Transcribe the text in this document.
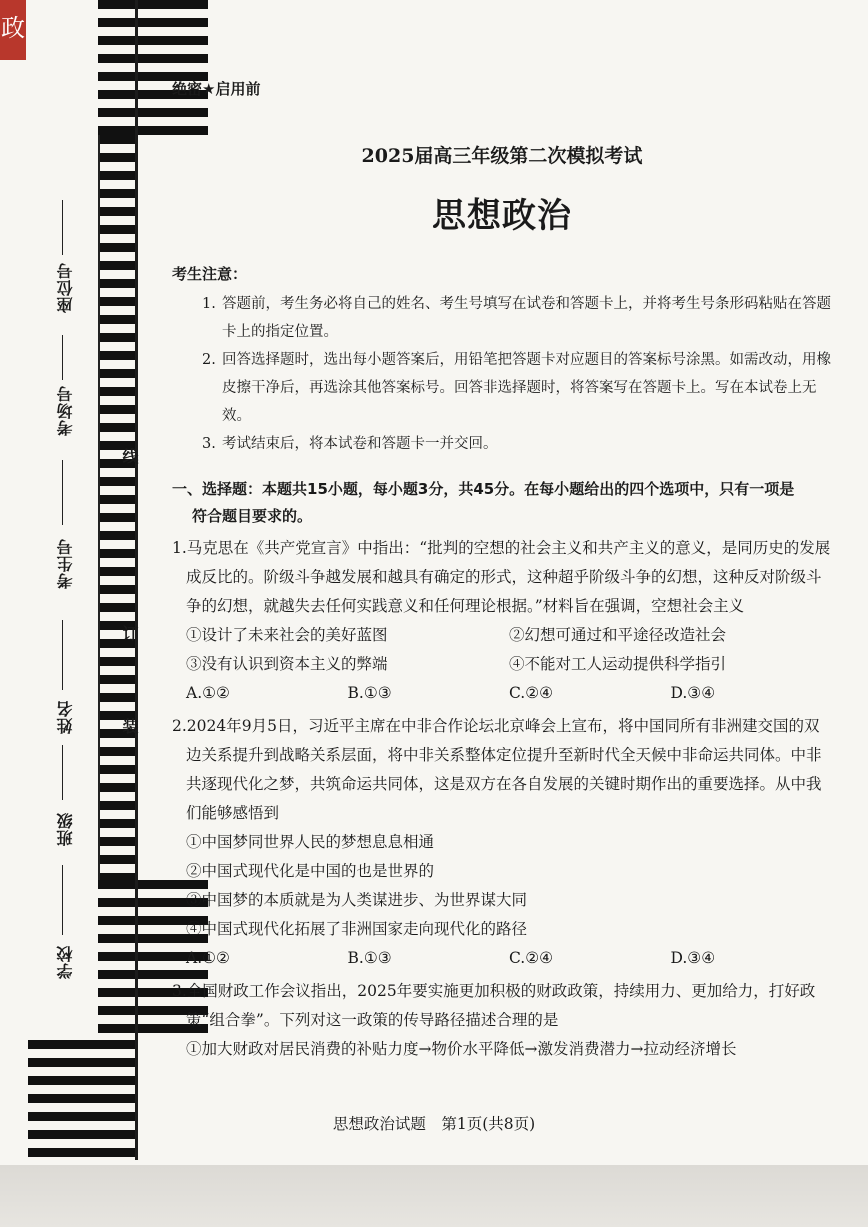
政
座位号
考场号
考生号
姓名
班级
学校
线
订
装
绝密★启用前
2025届高三年级第二次模拟考试
思想政治
考生注意：
1. 答题前，考生务必将自己的姓名、考生号填写在试卷和答题卡上，并将考生号条形码粘贴在答题卡上的指定位置。
2. 回答选择题时，选出每小题答案后，用铅笔把答题卡对应题目的答案标号涂黑。如需改动，用橡皮擦干净后，再选涂其他答案标号。回答非选择题时，将答案写在答题卡上。写在本试卷上无效。
3. 考试结束后，将本试卷和答题卡一并交回。
一、选择题：本题共15小题，每小题3分，共45分。在每小题给出的四个选项中，只有一项是
符合题目要求的。
1.马克思在《共产党宣言》中指出：“批判的空想的社会主义和共产主义的意义，是同历史的发展成反比的。阶级斗争越发展和越具有确定的形式，这种超乎阶级斗争的幻想，这种反对阶级斗争的幻想，就越失去任何实践意义和任何理论根据。”材料旨在强调，空想社会主义
①设计了未来社会的美好蓝图	②幻想可通过和平途径改造社会
③没有认识到资本主义的弊端	④不能对工人运动提供科学指引
A.①②	B.①③	C.②④	D.③④
2.2024年9月5日，习近平主席在中非合作论坛北京峰会上宣布，将中国同所有非洲建交国的双边关系提升到战略关系层面，将中非关系整体定位提升至新时代全天候中非命运共同体。中非共逐现代化之梦，共筑命运共同体，这是双方在各自发展的关键时期作出的重要选择。从中我们能够感悟到
①中国梦同世界人民的梦想息息相通
②中国式现代化是中国的也是世界的
③中国梦的本质就是为人类谋进步、为世界谋大同
④中国式现代化拓展了非洲国家走向现代化的路径
A.①②	B.①③	C.②④	D.③④
3.全国财政工作会议指出，2025年要实施更加积极的财政政策，持续用力、更加给力，打好政策“组合拳”。下列对这一政策的传导路径描述合理的是
①加大财政对居民消费的补贴力度→物价水平降低→激发消费潜力→拉动经济增长
思想政治试题　第1页(共8页)
